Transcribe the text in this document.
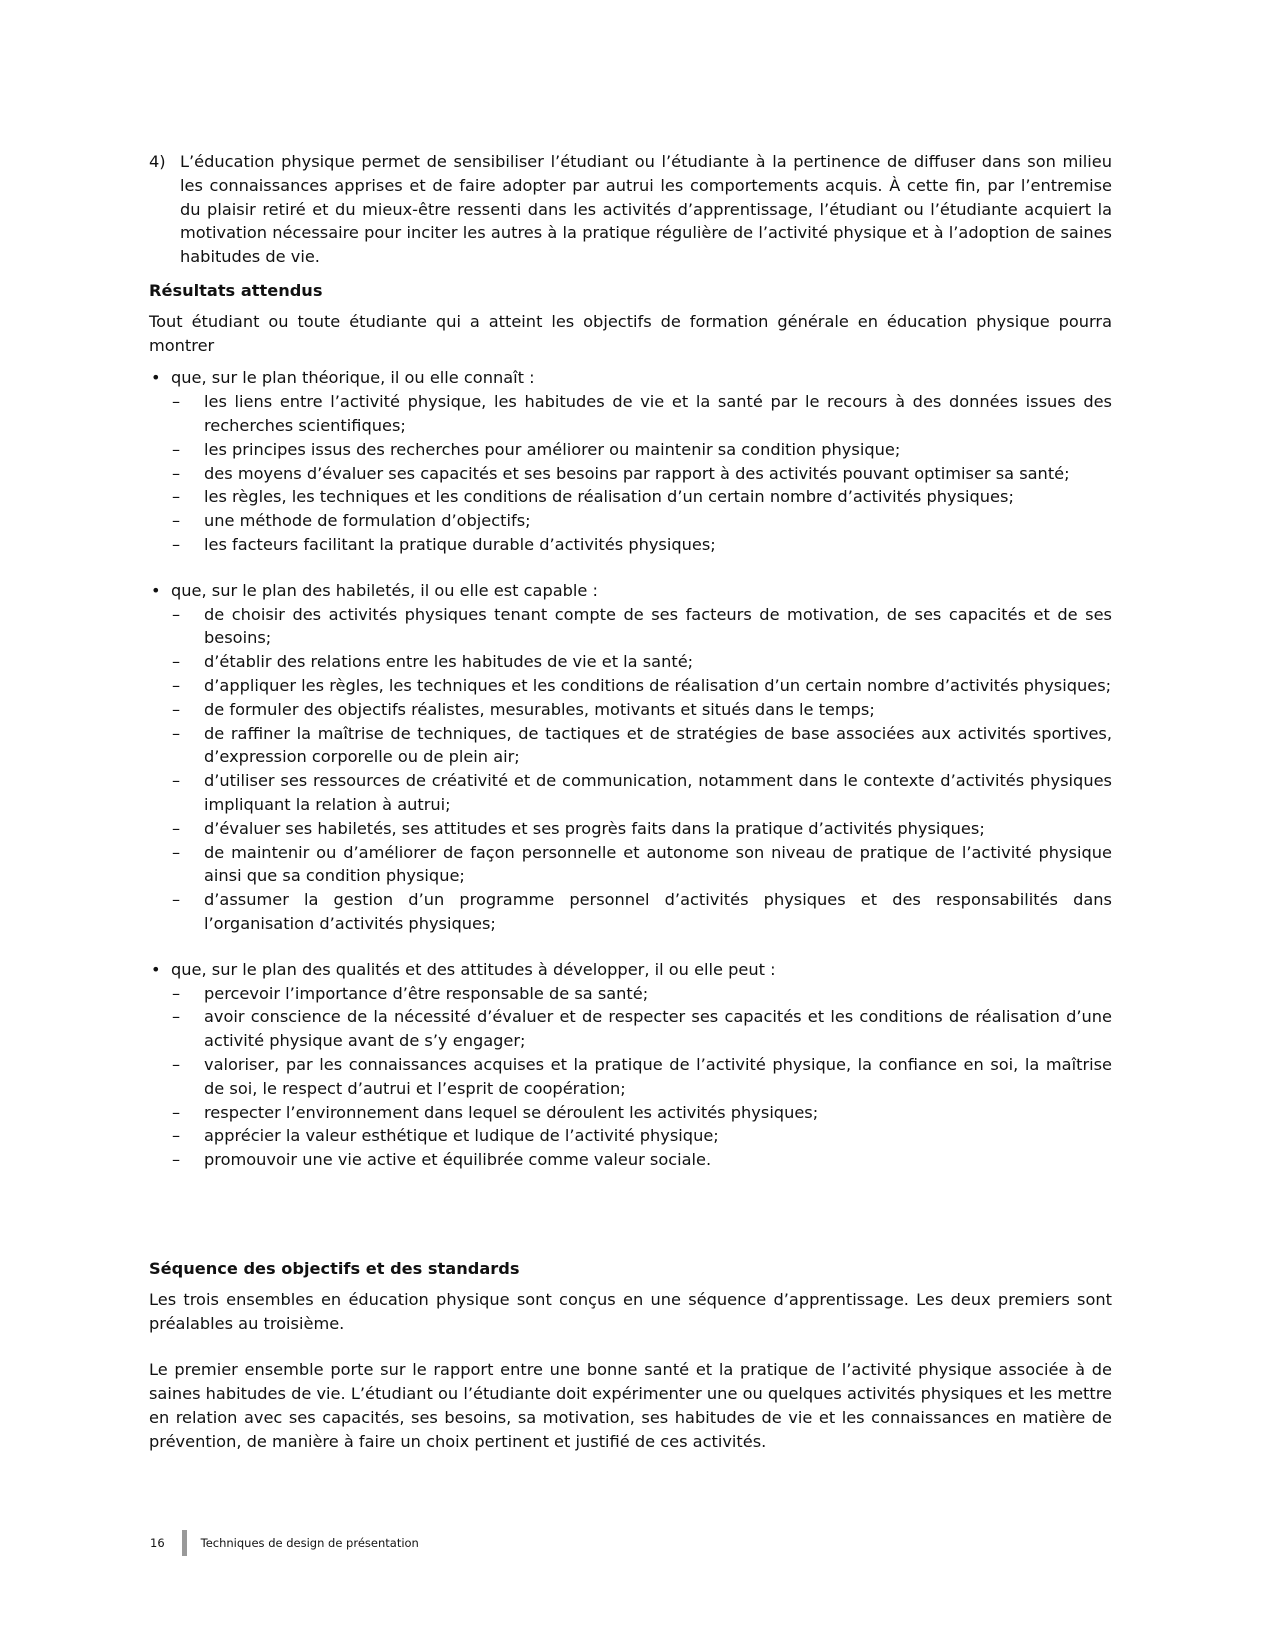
4) L’éducation physique permet de sensibiliser l’étudiant ou l’étudiante à la pertinence de diffuser dans son milieu les connaissances apprises et de faire adopter par autrui les comportements acquis. À cette fin, par l’entremise du plaisir retiré et du mieux-être ressenti dans les activités d’apprentissage, l’étudiant ou l’étudiante acquiert la motivation nécessaire pour inciter les autres à la pratique régulière de l’activité physique et à l’adoption de saines habitudes de vie.
Résultats attendus
Tout étudiant ou toute étudiante qui a atteint les objectifs de formation générale en éducation physique pourra montrer
• que, sur le plan théorique, il ou elle connaît :
– les liens entre l’activité physique, les habitudes de vie et la santé par le recours à des données issues des recherches scientifiques;
– les principes issus des recherches pour améliorer ou maintenir sa condition physique;
– des moyens d’évaluer ses capacités et ses besoins par rapport à des activités pouvant optimiser sa santé;
– les règles, les techniques et les conditions de réalisation d’un certain nombre d’activités physiques;
– une méthode de formulation d’objectifs;
– les facteurs facilitant la pratique durable d’activités physiques;
• que, sur le plan des habiletés, il ou elle est capable :
– de choisir des activités physiques tenant compte de ses facteurs de motivation, de ses capacités et de ses besoins;
– d’établir des relations entre les habitudes de vie et la santé;
– d’appliquer les règles, les techniques et les conditions de réalisation d’un certain nombre d’activités physiques;
– de formuler des objectifs réalistes, mesurables, motivants et situés dans le temps;
– de raffiner la maîtrise de techniques, de tactiques et de stratégies de base associées aux activités sportives, d’expression corporelle ou de plein air;
– d’utiliser ses ressources de créativité et de communication, notamment dans le contexte d’activités physiques impliquant la relation à autrui;
– d’évaluer ses habiletés, ses attitudes et ses progrès faits dans la pratique d’activités physiques;
– de maintenir ou d’améliorer de façon personnelle et autonome son niveau de pratique de l’activité physique ainsi que sa condition physique;
– d’assumer la gestion d’un programme personnel d’activités physiques et des responsabilités dans l’organisation d’activités physiques;
• que, sur le plan des qualités et des attitudes à développer, il ou elle peut :
– percevoir l’importance d’être responsable de sa santé;
– avoir conscience de la nécessité d’évaluer et de respecter ses capacités et les conditions de réalisation d’une activité physique avant de s’y engager;
– valoriser, par les connaissances acquises et la pratique de l’activité physique, la confiance en soi, la maîtrise de soi, le respect d’autrui et l’esprit de coopération;
– respecter l’environnement dans lequel se déroulent les activités physiques;
– apprécier la valeur esthétique et ludique de l’activité physique;
– promouvoir une vie active et équilibrée comme valeur sociale.
Séquence des objectifs et des standards
Les trois ensembles en éducation physique sont conçus en une séquence d’apprentissage. Les deux premiers sont préalables au troisième.
Le premier ensemble porte sur le rapport entre une bonne santé et la pratique de l’activité physique associée à de saines habitudes de vie. L’étudiant ou l’étudiante doit expérimenter une ou quelques activités physiques et les mettre en relation avec ses capacités, ses besoins, sa motivation, ses habitudes de vie et les connaissances en matière de prévention, de manière à faire un choix pertinent et justifié de ces activités.
16	Techniques de design de présentation
